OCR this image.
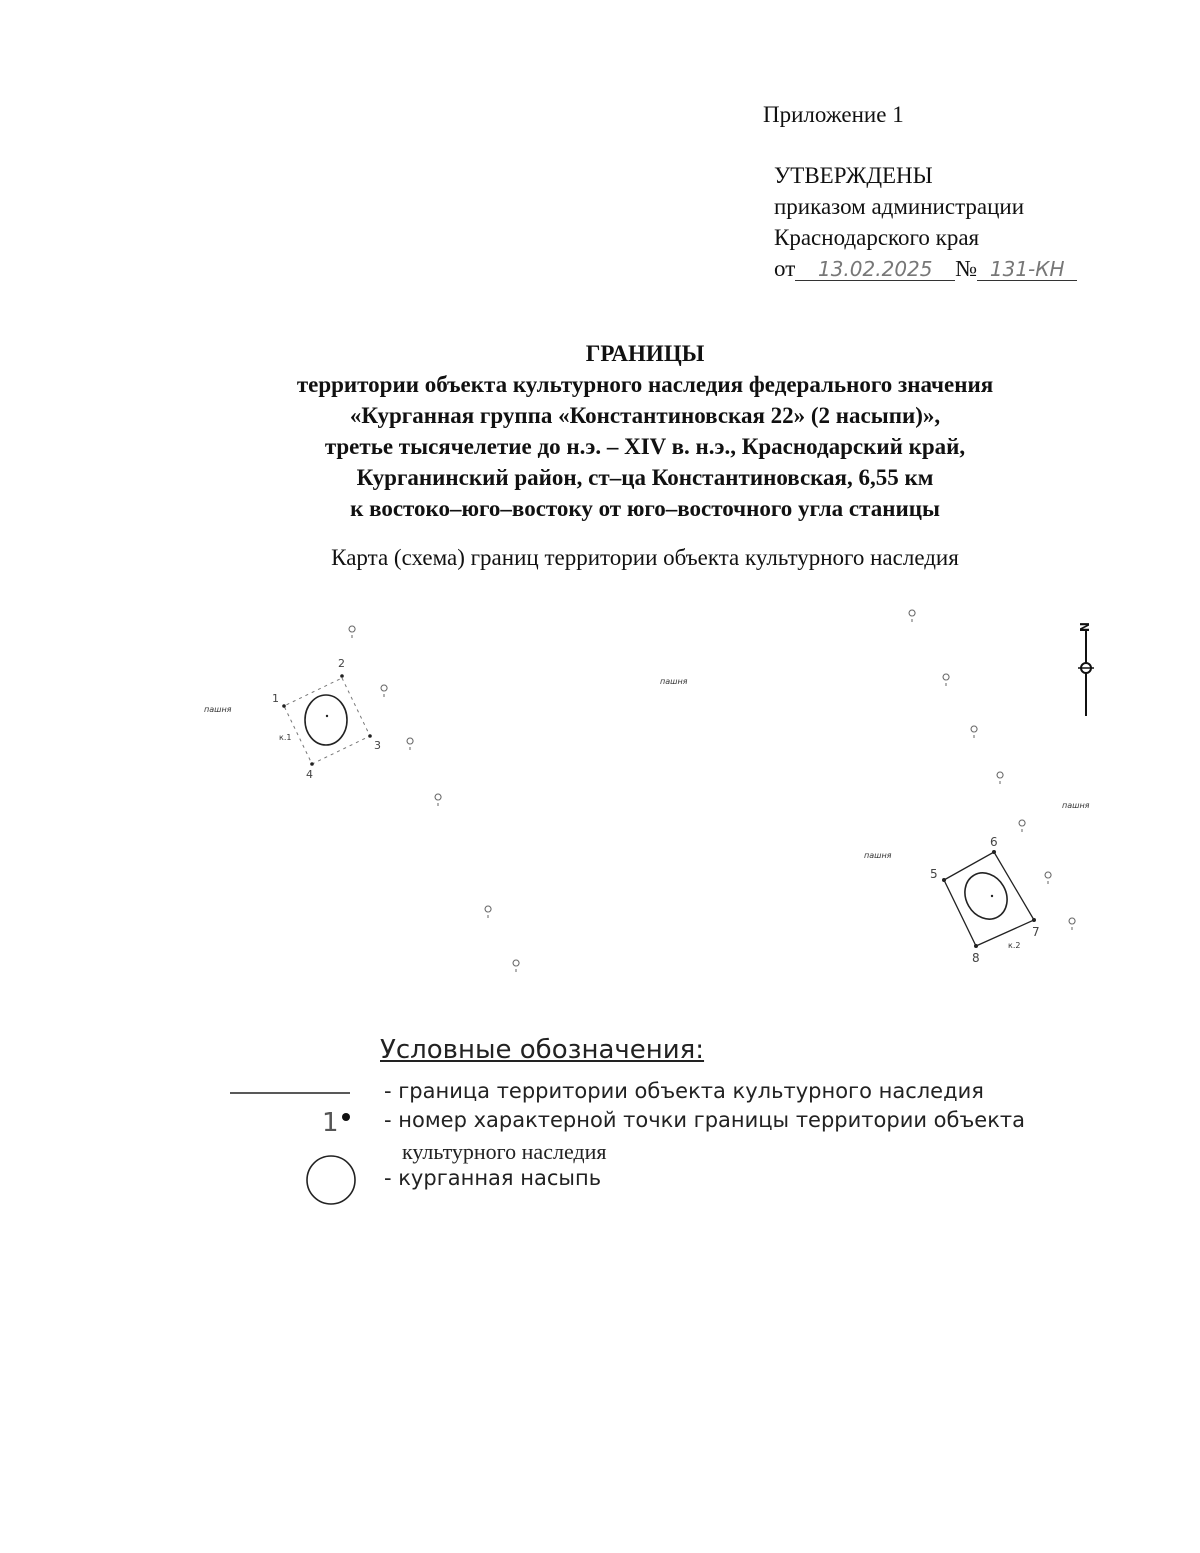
Приложение 1
УТВЕРЖДЕНЫ
приказом администрации
Краснодарского края
от 13.02.2025 № 131-КН
ГРАНИЦЫ
территории объекта культурного наследия федерального значения
«Курганная группа «Константиновская 22» (2 насыпи)»,
третье тысячелетие до н.э. – XIV в. н.э., Краснодарский край,
Курганинский район, ст–ца Константиновская, 6,55 км
к востоко–юго–востоку от юго–восточного угла станицы
Карта (схема) границ территории объекта культурного наследия
пашня
пашня
пашня
пашня
к.1
1
2
3
4
5
6
7
8
к.2
N
1
Условные обозначения:
- граница территории объекта культурного наследия
- номер характерной точки границы территории объекта
культурного наследия
- курганная насыпь
